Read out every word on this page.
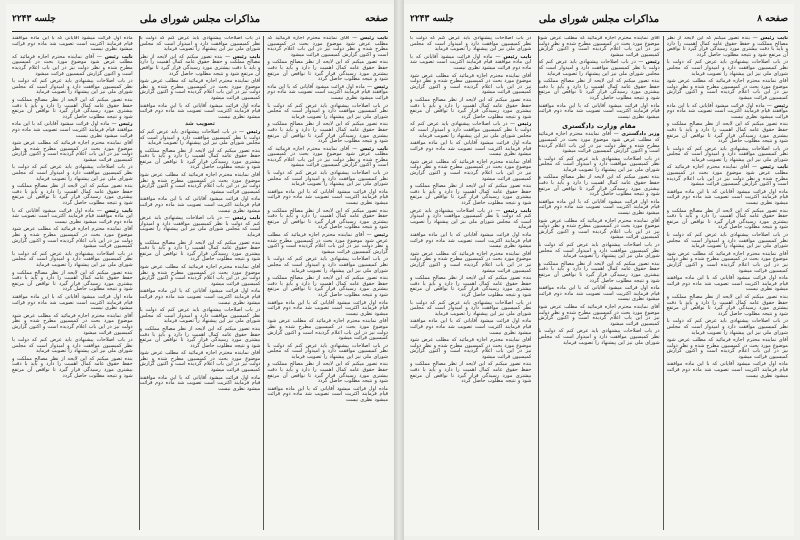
صفحه
مذاکرات مجلس شورای ملی
جلسه ۲۲۴۳

نایب رئیس — آقای نماینده محترم اجازه فرمائید که مطلب عرض شود موضوع مورد بحث در کمیسیون مطرح شده و نظر دولت نیز در این باب اعلام گردیده است و اکنون گزارش کمیسیون قرائت میشود

بنده تصور میکنم که این لایحه از نظر مصالح مملکت و حفظ حقوق عامه کمال اهمیت را دارد و باید با دقت بیشتری مورد رسیدگی قرار گیرد تا نواقص آن مرتفع شود و نتیجه مطلوب حاصل گردد

رئیس — ماده اول قرائت میشود آقایانی که با این ماده موافقند قیام فرمایند اکثریت است تصویب شد ماده دوم قرائت میشود نظری نیست

در باب اصلاحات پیشنهادی باید عرض کنم که دولت با نظر کمیسیون موافقت دارد و امیدوار است که مجلس شورای ملی نیز این پیشنهاد را تصویب فرماید

بنده تصور میکنم که این لایحه از نظر مصالح مملکت و حفظ حقوق عامه کمال اهمیت را دارد و باید با دقت بیشتری مورد رسیدگی قرار گیرد تا نواقص آن مرتفع شود و نتیجه مطلوب حاصل گردد

نایب رئیس — آقای نماینده محترم اجازه فرمائید که مطلب عرض شود موضوع مورد بحث در کمیسیون مطرح شده و نظر دولت نیز در این باب اعلام گردیده است و اکنون گزارش کمیسیون قرائت میشود

در باب اصلاحات پیشنهادی باید عرض کنم که دولت با نظر کمیسیون موافقت دارد و امیدوار است که مجلس شورای ملی نیز این پیشنهاد را تصویب فرماید

ماده اول قرائت میشود آقایانی که با این ماده موافقند قیام فرمایند اکثریت است تصویب شد ماده دوم قرائت میشود نظری نیست

بنده تصور میکنم که این لایحه از نظر مصالح مملکت و حفظ حقوق عامه کمال اهمیت را دارد و باید با دقت بیشتری مورد رسیدگی قرار گیرد تا نواقص آن مرتفع شود و نتیجه مطلوب حاصل گردد

رئیس — آقای نماینده محترم اجازه فرمائید که مطلب عرض شود موضوع مورد بحث در کمیسیون مطرح شده و نظر دولت نیز در این باب اعلام گردیده است و اکنون گزارش کمیسیون قرائت میشود

در باب اصلاحات پیشنهادی باید عرض کنم که دولت با نظر کمیسیون موافقت دارد و امیدوار است که مجلس شورای ملی نیز این پیشنهاد را تصویب فرماید

بنده تصور میکنم که این لایحه از نظر مصالح مملکت و حفظ حقوق عامه کمال اهمیت را دارد و باید با دقت بیشتری مورد رسیدگی قرار گیرد تا نواقص آن مرتفع شود و نتیجه مطلوب حاصل گردد

ماده اول قرائت میشود آقایانی که با این ماده موافقند قیام فرمایند اکثریت است تصویب شد ماده دوم قرائت میشود نظری نیست

آقای نماینده محترم اجازه فرمائید که مطلب عرض شود موضوع مورد بحث در کمیسیون مطرح شده و نظر دولت نیز در این باب اعلام گردیده است و اکنون گزارش کمیسیون قرائت میشود

در باب اصلاحات پیشنهادی باید عرض کنم که دولت با نظر کمیسیون موافقت دارد و امیدوار است که مجلس شورای ملی نیز این پیشنهاد را تصویب فرماید

بنده تصور میکنم که این لایحه از نظر مصالح مملکت و حفظ حقوق عامه کمال اهمیت را دارد و باید با دقت بیشتری مورد رسیدگی قرار گیرد تا نواقص آن مرتفع شود و نتیجه مطلوب حاصل گردد

ماده اول قرائت میشود آقایانی که با این ماده موافقند قیام فرمایند اکثریت است تصویب شد ماده دوم قرائت میشود نظری نیست

در باب اصلاحات پیشنهادی باید عرض کنم که دولت با نظر کمیسیون موافقت دارد و امیدوار است که مجلس شورای ملی نیز این پیشنهاد را تصویب فرماید

نایب رئیس — بنده تصور میکنم که این لایحه از نظر مصالح مملکت و حفظ حقوق عامه کمال اهمیت را دارد و باید با دقت بیشتری مورد رسیدگی قرار گیرد تا نواقص آن مرتفع شود و نتیجه مطلوب حاصل گردد

آقای نماینده محترم اجازه فرمائید که مطلب عرض شود موضوع مورد بحث در کمیسیون مطرح شده و نظر دولت نیز در این باب اعلام گردیده است و اکنون گزارش کمیسیون قرائت میشود

ماده اول قرائت میشود آقایانی که با این ماده موافقند قیام فرمایند اکثریت است تصویب شد ماده دوم قرائت میشود نظری نیست

تصویب شد

رئیس — در باب اصلاحات پیشنهادی باید عرض کنم که دولت با نظر کمیسیون موافقت دارد و امیدوار است که مجلس شورای ملی نیز این پیشنهاد را تصویب فرماید

بنده تصور میکنم که این لایحه از نظر مصالح مملکت و حفظ حقوق عامه کمال اهمیت را دارد و باید با دقت بیشتری مورد رسیدگی قرار گیرد تا نواقص آن مرتفع شود و نتیجه مطلوب حاصل گردد

آقای نماینده محترم اجازه فرمائید که مطلب عرض شود موضوع مورد بحث در کمیسیون مطرح شده و نظر دولت نیز در این باب اعلام گردیده است و اکنون گزارش کمیسیون قرائت میشود

ماده اول قرائت میشود آقایانی که با این ماده موافقند قیام فرمایند اکثریت است تصویب شد ماده دوم قرائت میشود نظری نیست

نایب رئیس — در باب اصلاحات پیشنهادی باید عرض کنم که دولت با نظر کمیسیون موافقت دارد و امیدوار است که مجلس شورای ملی نیز این پیشنهاد را تصویب فرماید

بنده تصور میکنم که این لایحه از نظر مصالح مملکت و حفظ حقوق عامه کمال اهمیت را دارد و باید با دقت بیشتری مورد رسیدگی قرار گیرد تا نواقص آن مرتفع شود و نتیجه مطلوب حاصل گردد

آقای نماینده محترم اجازه فرمائید که مطلب عرض شود موضوع مورد بحث در کمیسیون مطرح شده و نظر دولت نیز در این باب اعلام گردیده است و اکنون گزارش کمیسیون قرائت میشود

ماده اول قرائت میشود آقایانی که با این ماده موافقند قیام فرمایند اکثریت است تصویب شد ماده دوم قرائت میشود نظری نیست

در باب اصلاحات پیشنهادی باید عرض کنم که دولت با نظر کمیسیون موافقت دارد و امیدوار است که مجلس شورای ملی نیز این پیشنهاد را تصویب فرماید

بنده تصور میکنم که این لایحه از نظر مصالح مملکت و حفظ حقوق عامه کمال اهمیت را دارد و باید با دقت بیشتری مورد رسیدگی قرار گیرد تا نواقص آن مرتفع شود و نتیجه مطلوب حاصل گردد

آقای نماینده محترم اجازه فرمائید که مطلب عرض شود موضوع مورد بحث در کمیسیون مطرح شده و نظر دولت نیز در این باب اعلام گردیده است و اکنون گزارش کمیسیون قرائت میشود

ماده اول قرائت میشود آقایانی که با این ماده موافقند قیام فرمایند اکثریت است تصویب شد ماده دوم قرائت میشود نظری نیست

ماده اول قرائت میشود آقایانی که با این ماده موافقند قیام فرمایند اکثریت است تصویب شد ماده دوم قرائت میشود نظری نیست

نایب رئیس — آقای نماینده محترم اجازه فرمائید که مطلب عرض شود موضوع مورد بحث در کمیسیون مطرح شده و نظر دولت نیز در این باب اعلام گردیده است و اکنون گزارش کمیسیون قرائت میشود

در باب اصلاحات پیشنهادی باید عرض کنم که دولت با نظر کمیسیون موافقت دارد و امیدوار است که مجلس شورای ملی نیز این پیشنهاد را تصویب فرماید

بنده تصور میکنم که این لایحه از نظر مصالح مملکت و حفظ حقوق عامه کمال اهمیت را دارد و باید با دقت بیشتری مورد رسیدگی قرار گیرد تا نواقص آن مرتفع شود و نتیجه مطلوب حاصل گردد

رئیس — ماده اول قرائت میشود آقایانی که با این ماده موافقند قیام فرمایند اکثریت است تصویب شد ماده دوم قرائت میشود نظری نیست

آقای نماینده محترم اجازه فرمائید که مطلب عرض شود موضوع مورد بحث در کمیسیون مطرح شده و نظر دولت نیز در این باب اعلام گردیده است و اکنون گزارش کمیسیون قرائت میشود

در باب اصلاحات پیشنهادی باید عرض کنم که دولت با نظر کمیسیون موافقت دارد و امیدوار است که مجلس شورای ملی نیز این پیشنهاد را تصویب فرماید

بنده تصور میکنم که این لایحه از نظر مصالح مملکت و حفظ حقوق عامه کمال اهمیت را دارد و باید با دقت بیشتری مورد رسیدگی قرار گیرد تا نواقص آن مرتفع شود و نتیجه مطلوب حاصل گردد

نایب رئیس — ماده اول قرائت میشود آقایانی که با این ماده موافقند قیام فرمایند اکثریت است تصویب شد ماده دوم قرائت میشود نظری نیست

آقای نماینده محترم اجازه فرمائید که مطلب عرض شود موضوع مورد بحث در کمیسیون مطرح شده و نظر دولت نیز در این باب اعلام گردیده است و اکنون گزارش کمیسیون قرائت میشود

در باب اصلاحات پیشنهادی باید عرض کنم که دولت با نظر کمیسیون موافقت دارد و امیدوار است که مجلس شورای ملی نیز این پیشنهاد را تصویب فرماید

بنده تصور میکنم که این لایحه از نظر مصالح مملکت و حفظ حقوق عامه کمال اهمیت را دارد و باید با دقت بیشتری مورد رسیدگی قرار گیرد تا نواقص آن مرتفع شود و نتیجه مطلوب حاصل گردد

ماده اول قرائت میشود آقایانی که با این ماده موافقند قیام فرمایند اکثریت است تصویب شد ماده دوم قرائت میشود نظری نیست

آقای نماینده محترم اجازه فرمائید که مطلب عرض شود موضوع مورد بحث در کمیسیون مطرح شده و نظر دولت نیز در این باب اعلام گردیده است و اکنون گزارش کمیسیون قرائت میشود

در باب اصلاحات پیشنهادی باید عرض کنم که دولت با نظر کمیسیون موافقت دارد و امیدوار است که مجلس شورای ملی نیز این پیشنهاد را تصویب فرماید

بنده تصور میکنم که این لایحه از نظر مصالح مملکت و حفظ حقوق عامه کمال اهمیت را دارد و باید با دقت بیشتری مورد رسیدگی قرار گیرد تا نواقص آن مرتفع شود و نتیجه مطلوب حاصل گردد

صفحه ۸
مذاکرات مجلس شورای ملی
جلسه ۲۲۴۳

نایب رئیس — بنده تصور میکنم که این لایحه از نظر مصالح مملکت و حفظ حقوق عامه کمال اهمیت را دارد و باید با دقت بیشتری مورد رسیدگی قرار گیرد تا نواقص آن مرتفع شود و نتیجه مطلوب حاصل گردد

در باب اصلاحات پیشنهادی باید عرض کنم که دولت با نظر کمیسیون موافقت دارد و امیدوار است که مجلس شورای ملی نیز این پیشنهاد را تصویب فرماید

آقای نماینده محترم اجازه فرمائید که مطلب عرض شود موضوع مورد بحث در کمیسیون مطرح شده و نظر دولت نیز در این باب اعلام گردیده است و اکنون گزارش کمیسیون قرائت میشود

رئیس — ماده اول قرائت میشود آقایانی که با این ماده موافقند قیام فرمایند اکثریت است تصویب شد ماده دوم قرائت میشود نظری نیست

بنده تصور میکنم که این لایحه از نظر مصالح مملکت و حفظ حقوق عامه کمال اهمیت را دارد و باید با دقت بیشتری مورد رسیدگی قرار گیرد تا نواقص آن مرتفع شود و نتیجه مطلوب حاصل گردد

در باب اصلاحات پیشنهادی باید عرض کنم که دولت با نظر کمیسیون موافقت دارد و امیدوار است که مجلس شورای ملی نیز این پیشنهاد را تصویب فرماید

نایب رئیس — آقای نماینده محترم اجازه فرمائید که مطلب عرض شود موضوع مورد بحث در کمیسیون مطرح شده و نظر دولت نیز در این باب اعلام گردیده است و اکنون گزارش کمیسیون قرائت میشود

ماده اول قرائت میشود آقایانی که با این ماده موافقند قیام فرمایند اکثریت است تصویب شد ماده دوم قرائت میشود نظری نیست

بنده تصور میکنم که این لایحه از نظر مصالح مملکت و حفظ حقوق عامه کمال اهمیت را دارد و باید با دقت بیشتری مورد رسیدگی قرار گیرد تا نواقص آن مرتفع شود و نتیجه مطلوب حاصل گردد

در باب اصلاحات پیشنهادی باید عرض کنم که دولت با نظر کمیسیون موافقت دارد و امیدوار است که مجلس شورای ملی نیز این پیشنهاد را تصویب فرماید

آقای نماینده محترم اجازه فرمائید که مطلب عرض شود موضوع مورد بحث در کمیسیون مطرح شده و نظر دولت نیز در این باب اعلام گردیده است و اکنون گزارش کمیسیون قرائت میشود

ماده اول قرائت میشود آقایانی که با این ماده موافقند قیام فرمایند اکثریت است تصویب شد ماده دوم قرائت میشود نظری نیست

بنده تصور میکنم که این لایحه از نظر مصالح مملکت و حفظ حقوق عامه کمال اهمیت را دارد و باید با دقت بیشتری مورد رسیدگی قرار گیرد تا نواقص آن مرتفع شود و نتیجه مطلوب حاصل گردد

در باب اصلاحات پیشنهادی باید عرض کنم که دولت با نظر کمیسیون موافقت دارد و امیدوار است که مجلس شورای ملی نیز این پیشنهاد را تصویب فرماید

آقای نماینده محترم اجازه فرمائید که مطلب عرض شود موضوع مورد بحث در کمیسیون مطرح شده و نظر دولت نیز در این باب اعلام گردیده است و اکنون گزارش کمیسیون قرائت میشود

ماده اول قرائت میشود آقایانی که با این ماده موافقند قیام فرمایند اکثریت است تصویب شد ماده دوم قرائت میشود نظری نیست

آقای نماینده محترم اجازه فرمائید که مطلب عرض شود موضوع مورد بحث در کمیسیون مطرح شده و نظر دولت نیز در این باب اعلام گردیده است و اکنون گزارش کمیسیون قرائت میشود

رئیس — در باب اصلاحات پیشنهادی باید عرض کنم که دولت با نظر کمیسیون موافقت دارد و امیدوار است که مجلس شورای ملی نیز این پیشنهاد را تصویب فرماید

بنده تصور میکنم که این لایحه از نظر مصالح مملکت و حفظ حقوق عامه کمال اهمیت را دارد و باید با دقت بیشتری مورد رسیدگی قرار گیرد تا نواقص آن مرتفع شود و نتیجه مطلوب حاصل گردد

ماده اول قرائت میشود آقایانی که با این ماده موافقند قیام فرمایند اکثریت است تصویب شد ماده دوم قرائت میشود نظری نیست

مقام وزارت دادگستری

وزیر دادگستری — آقای نماینده محترم اجازه فرمائید که مطلب عرض شود موضوع مورد بحث در کمیسیون مطرح شده و نظر دولت نیز در این باب اعلام گردیده است و اکنون گزارش کمیسیون قرائت میشود

در باب اصلاحات پیشنهادی باید عرض کنم که دولت با نظر کمیسیون موافقت دارد و امیدوار است که مجلس شورای ملی نیز این پیشنهاد را تصویب فرماید

بنده تصور میکنم که این لایحه از نظر مصالح مملکت و حفظ حقوق عامه کمال اهمیت را دارد و باید با دقت بیشتری مورد رسیدگی قرار گیرد تا نواقص آن مرتفع شود و نتیجه مطلوب حاصل گردد

ماده اول قرائت میشود آقایانی که با این ماده موافقند قیام فرمایند اکثریت است تصویب شد ماده دوم قرائت میشود نظری نیست

آقای نماینده محترم اجازه فرمائید که مطلب عرض شود موضوع مورد بحث در کمیسیون مطرح شده و نظر دولت نیز در این باب اعلام گردیده است و اکنون گزارش کمیسیون قرائت میشود

در باب اصلاحات پیشنهادی باید عرض کنم که دولت با نظر کمیسیون موافقت دارد و امیدوار است که مجلس شورای ملی نیز این پیشنهاد را تصویب فرماید

بنده تصور میکنم که این لایحه از نظر مصالح مملکت و حفظ حقوق عامه کمال اهمیت را دارد و باید با دقت بیشتری مورد رسیدگی قرار گیرد تا نواقص آن مرتفع شود و نتیجه مطلوب حاصل گردد

ماده اول قرائت میشود آقایانی که با این ماده موافقند قیام فرمایند اکثریت است تصویب شد ماده دوم قرائت میشود نظری نیست

آقای نماینده محترم اجازه فرمائید که مطلب عرض شود موضوع مورد بحث در کمیسیون مطرح شده و نظر دولت نیز در این باب اعلام گردیده است و اکنون گزارش کمیسیون قرائت میشود

در باب اصلاحات پیشنهادی باید عرض کنم که دولت با نظر کمیسیون موافقت دارد و امیدوار است که مجلس شورای ملی نیز این پیشنهاد را تصویب فرماید

در باب اصلاحات پیشنهادی باید عرض کنم که دولت با نظر کمیسیون موافقت دارد و امیدوار است که مجلس شورای ملی نیز این پیشنهاد را تصویب فرماید

نایب رئیس — ماده اول قرائت میشود آقایانی که با این ماده موافقند قیام فرمایند اکثریت است تصویب شد ماده دوم قرائت میشود نظری نیست

آقای نماینده محترم اجازه فرمائید که مطلب عرض شود موضوع مورد بحث در کمیسیون مطرح شده و نظر دولت نیز در این باب اعلام گردیده است و اکنون گزارش کمیسیون قرائت میشود

بنده تصور میکنم که این لایحه از نظر مصالح مملکت و حفظ حقوق عامه کمال اهمیت را دارد و باید با دقت بیشتری مورد رسیدگی قرار گیرد تا نواقص آن مرتفع شود و نتیجه مطلوب حاصل گردد

رئیس — در باب اصلاحات پیشنهادی باید عرض کنم که دولت با نظر کمیسیون موافقت دارد و امیدوار است که مجلس شورای ملی نیز این پیشنهاد را تصویب فرماید

ماده اول قرائت میشود آقایانی که با این ماده موافقند قیام فرمایند اکثریت است تصویب شد ماده دوم قرائت میشود نظری نیست

آقای نماینده محترم اجازه فرمائید که مطلب عرض شود موضوع مورد بحث در کمیسیون مطرح شده و نظر دولت نیز در این باب اعلام گردیده است و اکنون گزارش کمیسیون قرائت میشود

بنده تصور میکنم که این لایحه از نظر مصالح مملکت و حفظ حقوق عامه کمال اهمیت را دارد و باید با دقت بیشتری مورد رسیدگی قرار گیرد تا نواقص آن مرتفع شود و نتیجه مطلوب حاصل گردد

نایب رئیس — در باب اصلاحات پیشنهادی باید عرض کنم که دولت با نظر کمیسیون موافقت دارد و امیدوار است که مجلس شورای ملی نیز این پیشنهاد را تصویب فرماید

ماده اول قرائت میشود آقایانی که با این ماده موافقند قیام فرمایند اکثریت است تصویب شد ماده دوم قرائت میشود نظری نیست

آقای نماینده محترم اجازه فرمائید که مطلب عرض شود موضوع مورد بحث در کمیسیون مطرح شده و نظر دولت نیز در این باب اعلام گردیده است و اکنون گزارش کمیسیون قرائت میشود

بنده تصور میکنم که این لایحه از نظر مصالح مملکت و حفظ حقوق عامه کمال اهمیت را دارد و باید با دقت بیشتری مورد رسیدگی قرار گیرد تا نواقص آن مرتفع شود و نتیجه مطلوب حاصل گردد

در باب اصلاحات پیشنهادی باید عرض کنم که دولت با نظر کمیسیون موافقت دارد و امیدوار است که مجلس شورای ملی نیز این پیشنهاد را تصویب فرماید

ماده اول قرائت میشود آقایانی که با این ماده موافقند قیام فرمایند اکثریت است تصویب شد ماده دوم قرائت میشود نظری نیست

آقای نماینده محترم اجازه فرمائید که مطلب عرض شود موضوع مورد بحث در کمیسیون مطرح شده و نظر دولت نیز در این باب اعلام گردیده است و اکنون گزارش کمیسیون قرائت میشود

بنده تصور میکنم که این لایحه از نظر مصالح مملکت و حفظ حقوق عامه کمال اهمیت را دارد و باید با دقت بیشتری مورد رسیدگی قرار گیرد تا نواقص آن مرتفع شود و نتیجه مطلوب حاصل گردد
